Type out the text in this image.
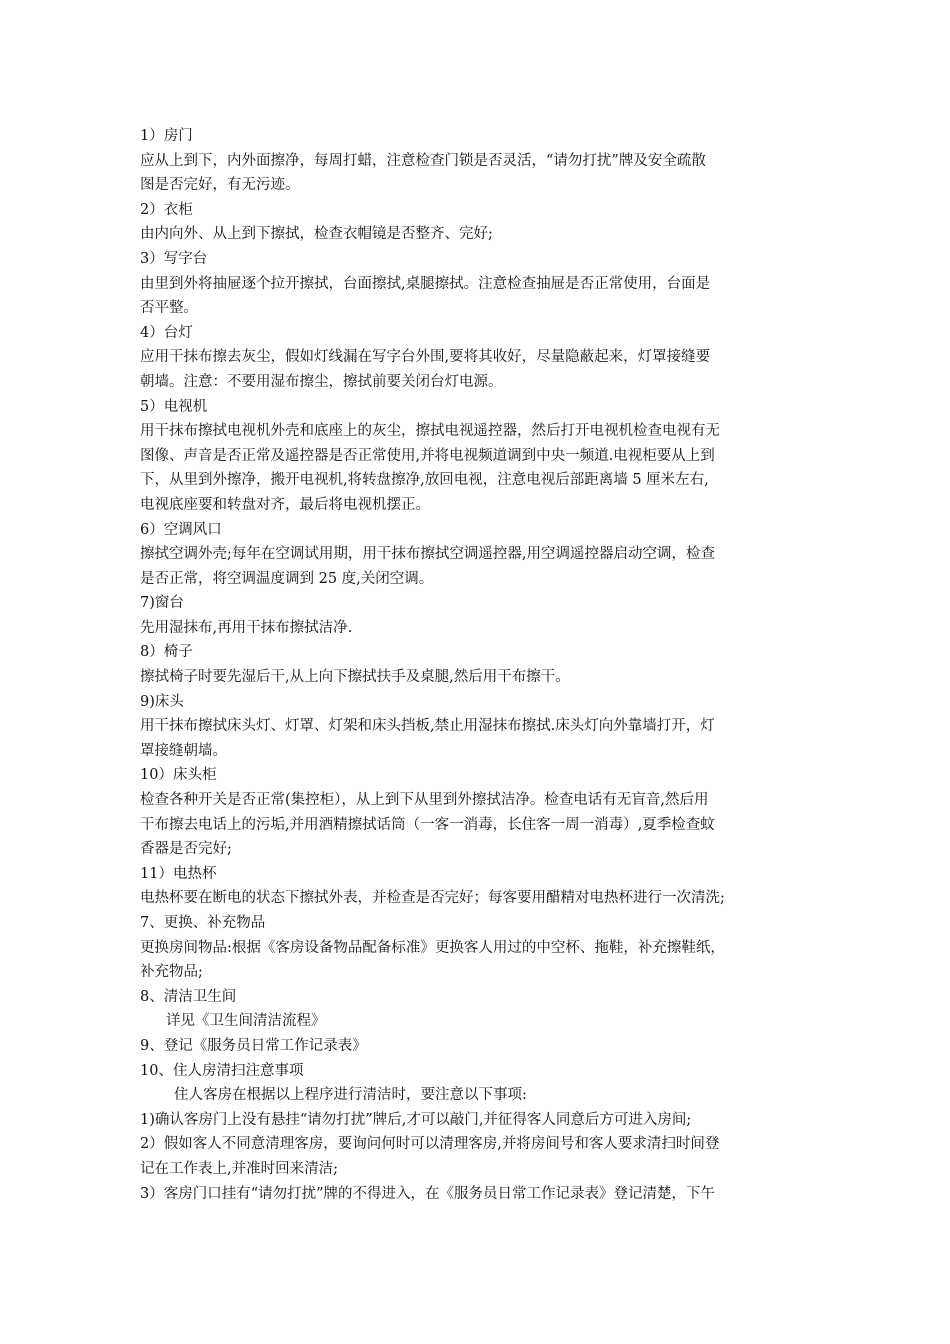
1）房门
应从上到下，内外面擦净，每周打蜡，注意检查门锁是否灵活，“请勿打扰”牌及安全疏散
图是否完好，有无污迹。
2）衣柜
由内向外、从上到下擦拭，检查衣帽镜是否整齐、完好;
3）写字台
由里到外将抽屉逐个拉开擦拭，台面擦拭,桌腿擦拭。注意检查抽屉是否正常使用，台面是
否平整。
4）台灯
应用干抹布擦去灰尘，假如灯线漏在写字台外围,要将其收好，尽量隐蔽起来，灯罩接缝要
朝墙。注意：不要用湿布擦尘，擦拭前要关闭台灯电源。
5）电视机
用干抹布擦拭电视机外壳和底座上的灰尘，擦拭电视遥控器，然后打开电视机检查电视有无
图像、声音是否正常及遥控器是否正常使用,并将电视频道调到中央一频道.电视柜要从上到
下，从里到外擦净，搬开电视机,将转盘擦净,放回电视，注意电视后部距离墙 5 厘米左右,
电视底座要和转盘对齐，最后将电视机摆正。
6）空调风口
擦拭空调外壳;每年在空调试用期，用干抹布擦拭空调遥控器,用空调遥控器启动空调，检查
是否正常，将空调温度调到 25 度,关闭空调。
7)窗台
先用湿抹布,再用干抹布擦拭洁净.
8）椅子
擦拭椅子时要先湿后干,从上向下擦拭扶手及桌腿,然后用干布擦干。
9)床头
用干抹布擦拭床头灯、灯罩、灯架和床头挡板,禁止用湿抹布擦拭.床头灯向外靠墙打开，灯
罩接缝朝墙。
10）床头柜
检查各种开关是否正常(集控柜），从上到下从里到外擦拭洁净。检查电话有无盲音,然后用
干布擦去电话上的污垢,并用酒精擦拭话筒（一客一消毒，长住客一周一消毒）,夏季检查蚊
香器是否完好;
11）电热杯
电热杯要在断电的状态下擦拭外表，并检查是否完好；每客要用醋精对电热杯进行一次清洗;
7、更换、补充物品
更换房间物品:根据《客房设备物品配备标准》更换客人用过的中空杯、拖鞋，补充擦鞋纸，
补充物品;
8、清洁卫生间
详见《卫生间清洁流程》
9、登记《服务员日常工作记录表》
10、住人房清扫注意事项
住人客房在根据以上程序进行清洁时，要注意以下事项:
1)确认客房门上没有悬挂“请勿打扰”牌后,才可以敲门,并征得客人同意后方可进入房间;
2）假如客人不同意清理客房，要询问何时可以清理客房,并将房间号和客人要求清扫时间登
记在工作表上,并准时回来清洁;
3）客房门口挂有“请勿打扰”牌的不得进入，在《服务员日常工作记录表》登记清楚，下午
